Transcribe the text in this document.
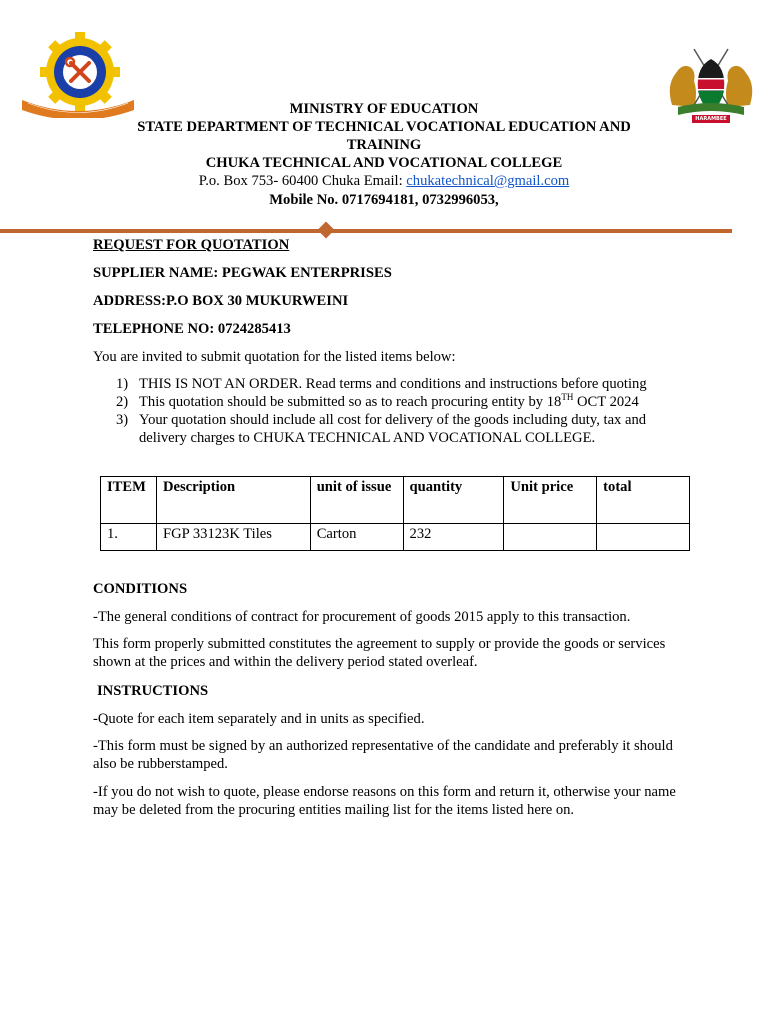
HARAMBEE
MINISTRY OF EDUCATION
STATE DEPARTMENT OF TECHNICAL VOCATIONAL EDUCATION AND
TRAINING
CHUKA TECHNICAL AND VOCATIONAL COLLEGE
P.o. Box 753- 60400 Chuka Email: chukatechnical@gmail.com
Mobile No. 0717694181, 0732996053,
REQUEST FOR QUOTATION
SUPPLIER NAME: PEGWAK ENTERPRISES
ADDRESS:P.O BOX 30 MUKURWEINI
TELEPHONE NO: 0724285413
You are invited to submit quotation for the listed items below:
1) THIS IS NOT AN ORDER. Read terms and conditions and instructions before quoting
2) This quotation should be submitted so as to reach procuring entity by 18TH OCT 2024
3) Your quotation should include all cost for delivery of the goods including duty, tax and delivery charges to CHUKA TECHNICAL AND VOCATIONAL COLLEGE.
ITEM	Description	unit of issue	quantity	Unit price	total
1.	FGP 33123K Tiles	Carton	232		
CONDITIONS
-The general conditions of contract for procurement of goods 2015 apply to this transaction.
This form properly submitted constitutes the agreement to supply or provide the goods or services shown at the prices and within the delivery period stated overleaf.
INSTRUCTIONS
-Quote for each item separately and in units as specified.
-This form must be signed by an authorized representative of the candidate and preferably it should also be rubberstamped.
-If you do not wish to quote, please endorse reasons on this form and return it, otherwise your name may be deleted from the procuring entities mailing list for the items listed here on.
